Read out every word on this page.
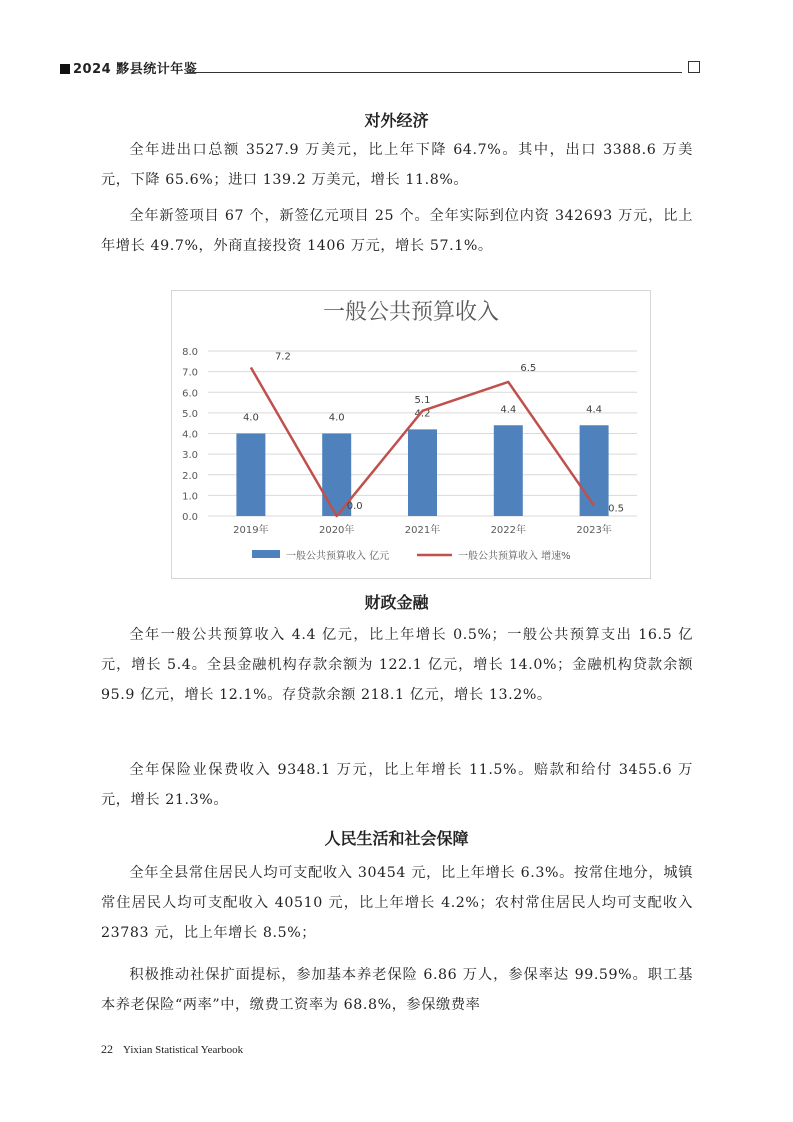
2024 黟县统计年鉴
对外经济

全年进出口总额 3527.9 万美元，比上年下降 64.7%。其中，出口 3388.6 万美元，下降 65.6%；进口 139.2 万美元，增长 11.8%。

全年新签项目 67 个，新签亿元项目 25 个。全年实际到位内资 342693 万元，比上年增长 49.7%，外商直接投资 1406 万元，增长 57.1%。

一般公共预算收入
0.0
1.0
2.0
3.0
4.0
5.0
6.0
7.0
8.0
4.0	4.0	4.2	4.4	4.4
7.2
0.0
5.1
6.5
0.5
2019年	2020年	2021年	2022年	2023年
一般公共预算收入 亿元	一般公共预算收入 增速%
财政金融

全年一般公共预算收入 4.4 亿元，比上年增长 0.5%；一般公共预算支出 16.5 亿元，增长 5.4。全县金融机构存款余额为 122.1 亿元，增长 14.0%；金融机构贷款余额 95.9 亿元，增长 12.1%。存贷款余额 218.1 亿元，增长 13.2%。

全年保险业保费收入 9348.1 万元，比上年增长 11.5%。赔款和给付 3455.6 万元，增长 21.3%。

人民生活和社会保障

全年全县常住居民人均可支配收入 30454 元，比上年增长 6.3%。按常住地分，城镇常住居民人均可支配收入 40510 元，比上年增长 4.2%；农村常住居民人均可支配收入 23783 元，比上年增长 8.5%；

积极推动社保扩面提标，参加基本养老保险 6.86 万人，参保率达 99.59%。职工基本养老保险“两率”中，缴费工资率为 68.8%，参保缴费率

22 Yixian Statistical Yearbook
